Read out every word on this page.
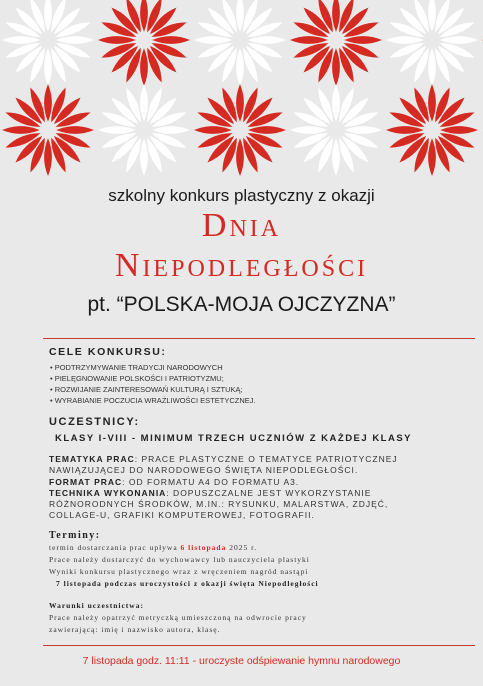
szkolny konkurs plastyczny z okazji
Dnia
Niepodległości
pt. “POLSKA-MOJA OJCZYZNA”
CELE KONKURSU:
• PODTRZYMYWANIE TRADYCJI NARODOWYCH
• PIELĘGNOWANIE POLSKOŚCI I PATRIOTYZMU;
• ROZWIJANIE ZAINTERESOWAŃ KULTURĄ I SZTUKĄ;
• WYRABIANIE POCZUCIA WRAŻLIWOŚCI ESTETYCZNEJ.
UCZESTNICY:
KLASY I-VIII - MINIMUM TRZECH UCZNIÓW Z KAŻDEJ KLASY
TEMATYKA PRAC: PRACE PLASTYCZNE O TEMATYCE PATRIOTYCZNEJ NAWIĄZUJĄCEJ DO NARODOWEGO ŚWIĘTA NIEPODLEGŁOŚCI.
FORMAT PRAC: OD FORMATU A4 DO FORMATU A3.
TECHNIKA WYKONANIA: DOPUSZCZALNE JEST WYKORZYSTANIE RÓŻNORODNYCH ŚRODKÓW, M.IN.: RYSUNKU, MALARSTWA, ZDJĘĆ, COLLAGE-U, GRAFIKI KOMPUTEROWEJ, FOTOGRAFII.
Terminy:
termin dostarczania prac upływa 6 listopada 2025 r.
Prace należy dostarczyć do wychowawcy lub nauczyciela plastyki
Wyniki konkursu plastycznego wraz z wręczeniem nagród nastąpi
7 listopada podczas uroczystości z okazji święta Niepodległości
Warunki uczestnictwa:
Prace należy opatrzyć metryczką umieszczoną na odwrocie pracy
zawierającą: imię i nazwisko autora, klasę.
7 listopada godz. 11:11 - uroczyste odśpiewanie hymnu narodowego
